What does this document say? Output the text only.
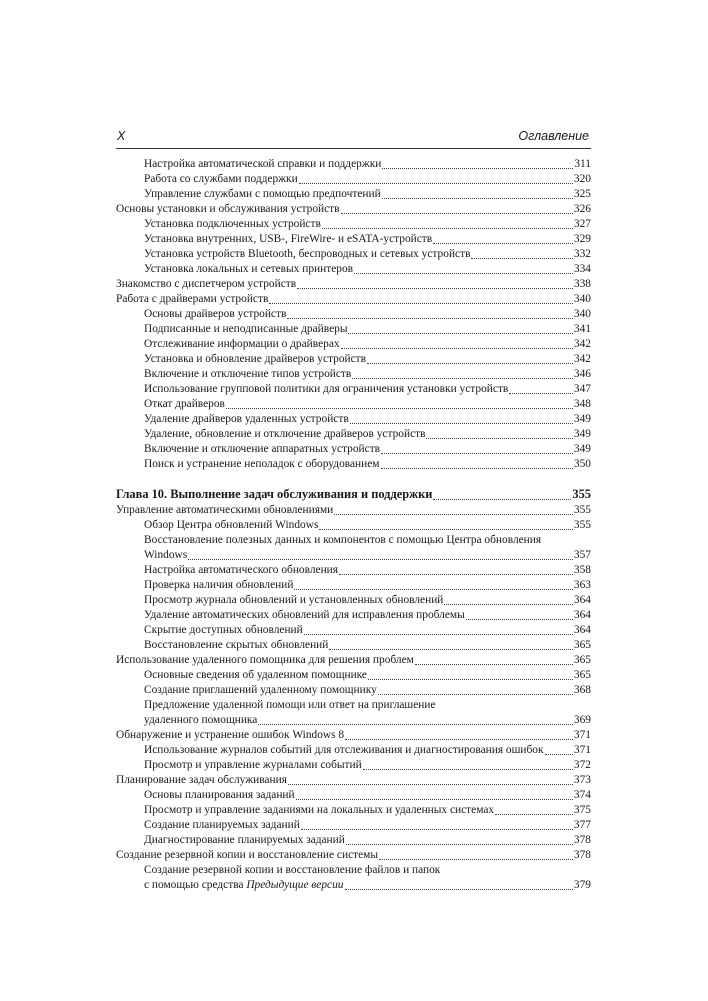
X	Оглавление
Настройка автоматической справки и поддержки	311
Работа со службами поддержки	320
Управление службами с помощью предпочтений	325
Основы установки и обслуживания устройств	326
Установка подключенных устройств	327
Установка внутренних, USB-, FireWire- и eSATA-устройств	329
Установка устройств Bluetooth, беспроводных и сетевых устройств	332
Установка локальных и сетевых принтеров	334
Знакомство с диспетчером устройств	338
Работа с драйверами устройств	340
Основы драйверов устройств	340
Подписанные и неподписанные драйверы	341
Отслеживание информации о драйверах	342
Установка и обновление драйверов устройств	342
Включение и отключение типов устройств	346
Использование групповой политики для ограничения установки устройств	347
Откат драйверов	348
Удаление драйверов удаленных устройств	349
Удаление, обновление и отключение драйверов устройств	349
Включение и отключение аппаратных устройств	349
Поиск и устранение неполадок с оборудованием	350
Глава 10. Выполнение задач обслуживания и поддержки	355
Управление автоматическими обновлениями	355
Обзор Центра обновлений Windows	355
Восстановление полезных данных и компонентов с помощью Центра обновления
Windows	357
Настройка автоматического обновления	358
Проверка наличия обновлений	363
Просмотр журнала обновлений и установленных обновлений	364
Удаление автоматических обновлений для исправления проблемы	364
Скрытие доступных обновлений	364
Восстановление скрытых обновлений	365
Использование удаленного помощника для решения проблем	365
Основные сведения об удаленном помощнике	365
Создание приглашений удаленному помощнику	368
Предложение удаленной помощи или ответ на приглашение
удаленного помощника	369
Обнаружение и устранение ошибок Windows 8	371
Использование журналов событий для отслеживания и диагностирования ошибок	371
Просмотр и управление журналами событий	372
Планирование задач обслуживания	373
Основы планирования заданий	374
Просмотр и управление заданиями на локальных и удаленных системах	375
Создание планируемых заданий	377
Диагностирование планируемых заданий	378
Создание резервной копии и восстановление системы	378
Создание резервной копии и восстановление файлов и папок
с помощью средства Предыдущие версии	379
